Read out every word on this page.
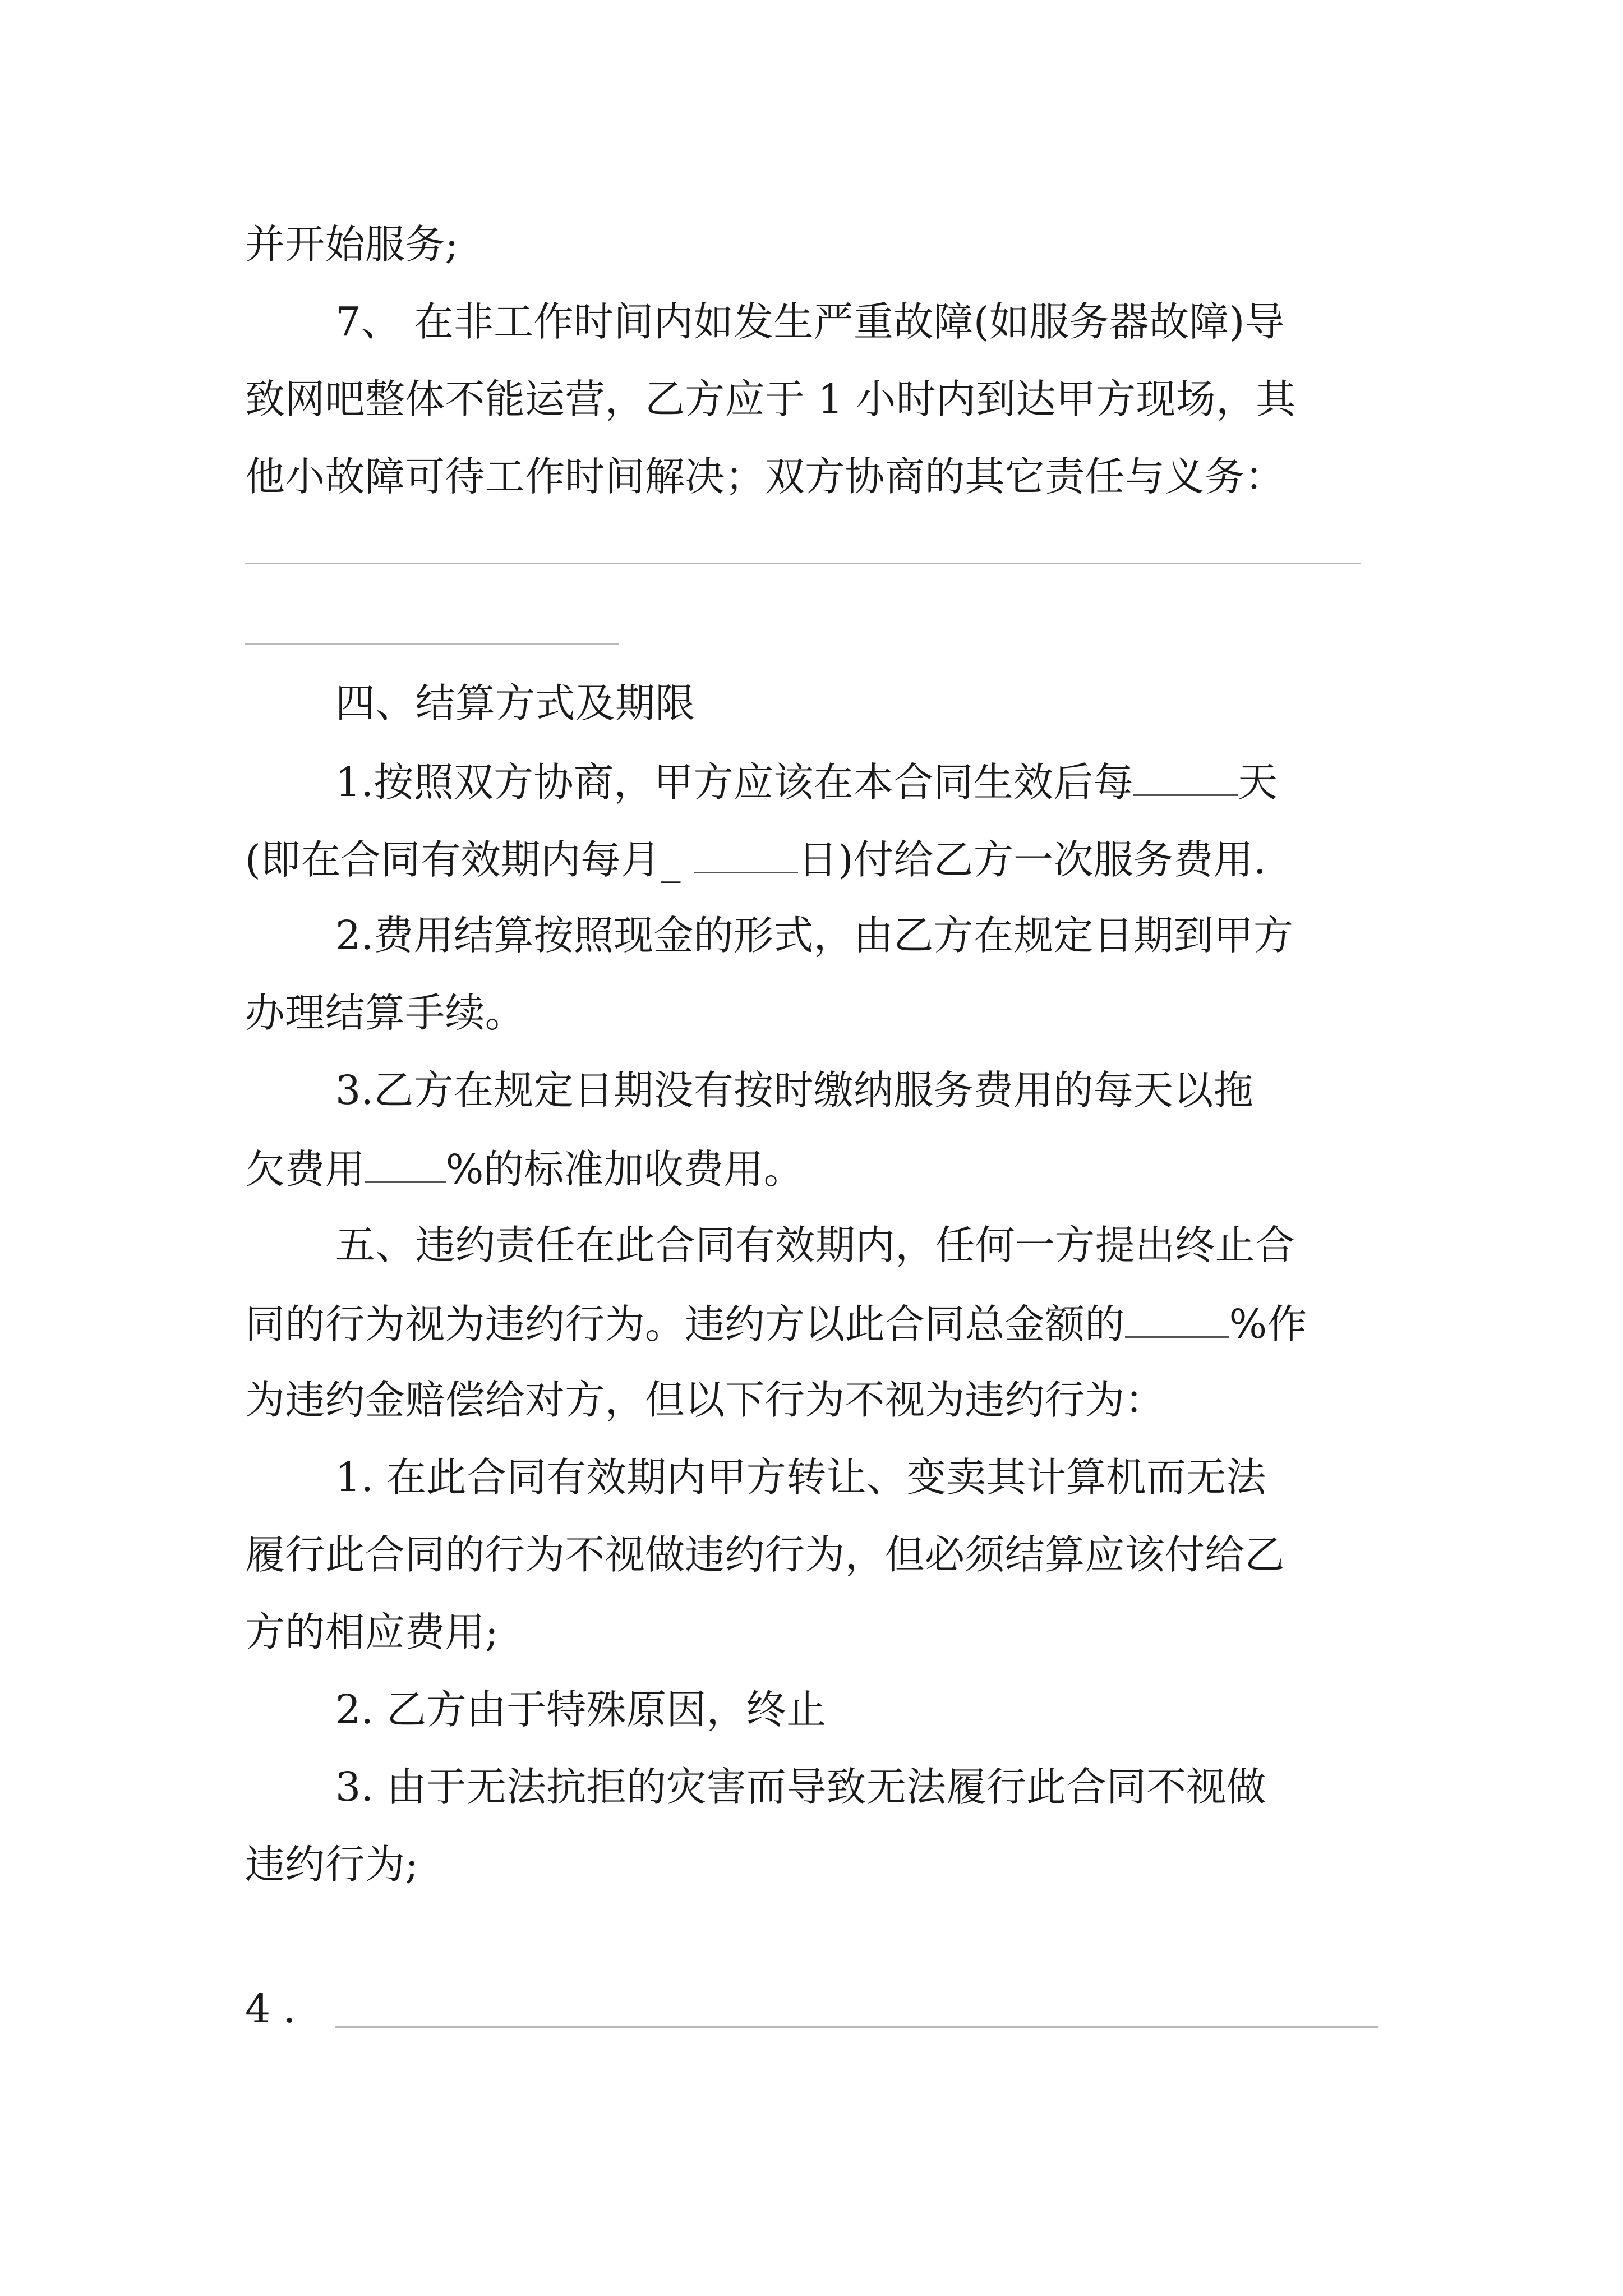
并开始服务;
7、 在非工作时间内如发生严重故障(如服务器故障)导
致网吧整体不能运营，乙方应于 1 小时内到达甲方现场，其
他小故障可待工作时间解决；双方协商的其它责任与义务：
四、结算方式及期限
1.按照双方协商，甲方应该在本合同生效后每	天
(即在合同有效期内每月_	日)付给乙方一次服务费用.
2.费用结算按照现金的形式，由乙方在规定日期到甲方
办理结算手续。
3.乙方在规定日期没有按时缴纳服务费用的每天以拖
欠费用 %的标准加收费用。
五、违约责任在此合同有效期内，任何一方提出终止合
同的行为视为违约行为。违约方以此合同总金额的	%作
为违约金赔偿给对方，但以下行为不视为违约行为：
1. 在此合同有效期内甲方转让、变卖其计算机而无法
履行此合同的行为不视做违约行为，但必须结算应该付给乙
方的相应费用;
2. 乙方由于特殊原因，终止
3. 由于无法抗拒的灾害而导致无法履行此合同不视做
违约行为;
4 .
